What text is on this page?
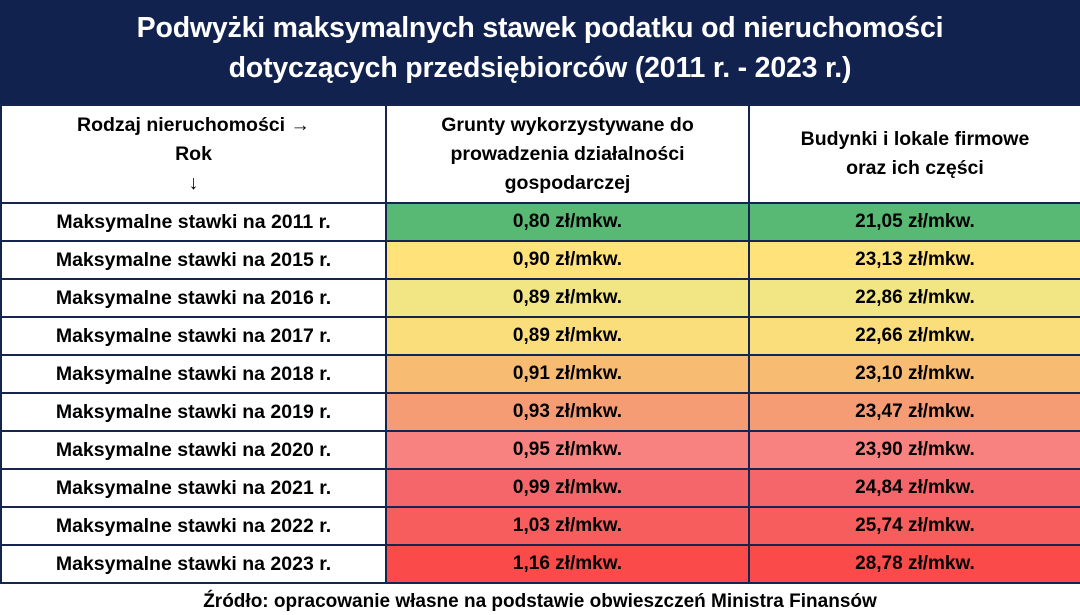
Podwyżki maksymalnych stawek podatku od nieruchomości
dotyczących przedsiębiorców (2011 r. - 2023 r.)
Rodzaj nieruchomości →
Rok
↓	Grunty wykorzystywane do
prowadzenia działalności
gospodarczej	Budynki i lokale firmowe
oraz ich części

Maksymalne stawki na 2011 r.	0,80 zł/mkw.	21,05 zł/mkw.
Maksymalne stawki na 2015 r.	0,90 zł/mkw.	23,13 zł/mkw.
Maksymalne stawki na 2016 r.	0,89 zł/mkw.	22,86 zł/mkw.
Maksymalne stawki na 2017 r.	0,89 zł/mkw.	22,66 zł/mkw.
Maksymalne stawki na 2018 r.	0,91 zł/mkw.	23,10 zł/mkw.
Maksymalne stawki na 2019 r.	0,93 zł/mkw.	23,47 zł/mkw.
Maksymalne stawki na 2020 r.	0,95 zł/mkw.	23,90 zł/mkw.
Maksymalne stawki na 2021 r.	0,99 zł/mkw.	24,84 zł/mkw.
Maksymalne stawki na 2022 r.	1,03 zł/mkw.	25,74 zł/mkw.
Maksymalne stawki na 2023 r.	1,16 zł/mkw.	28,78 zł/mkw.
Źródło: opracowanie własne na podstawie obwieszczeń Ministra Finansów
